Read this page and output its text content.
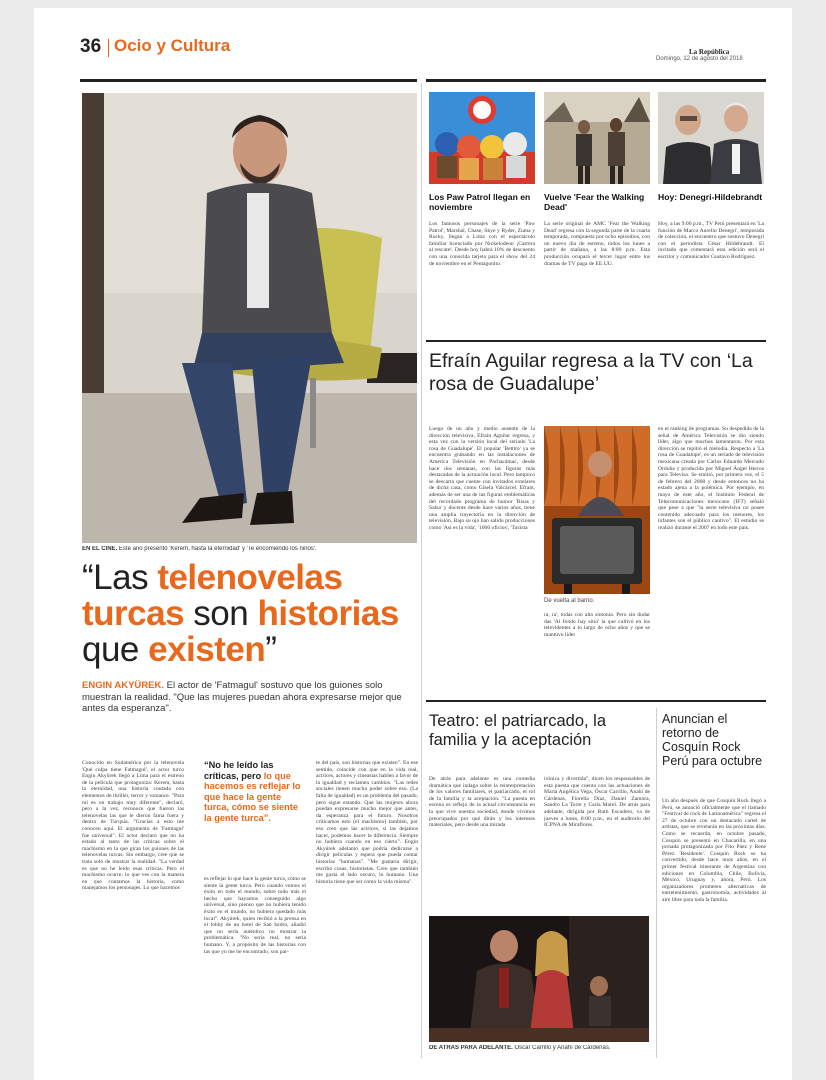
36 Ocio y Cultura	La República
Domingo, 12 de agosto del 2018
EN EL CINE. Este año presentó 'Kerem, hasta la eternidad' y 'Te encomiendo los niños'.
“Las telenovelas turcas son historias que existen”
ENGIN AKYÜREK. El actor de 'Fatmagul' sostuvo que los guiones solo muestran la realidad. "Que las mujeres puedan ahora expresarse mejor que antes da esperanza".
Conocido en Sudamérica por la telenovela 'Qué culpa tiene Fatmagul', el actor turco Engin Akyürek llegó a Lima para el estreno de la película que protagoniza: Kerem, hasta la eternidad, una historia contada con elementos de thriller, terror y romance. "Para mí es un trabajo muy diferente", declaró, pero a la vez, reconoce que fueron las telenovelas las que le dieron fama fuera y dentro de Turquía. "Gracias a esto me conocen aquí. El argumento de 'Fatmagul' fue universal". El actor declaró que no ha estado al tanto de las críticas sobre el machismo en la que giran los guiones de las telenovelas turcas. Sin embargo, cree que se trata solo de mostrar la realidad. "La verdad es que no he leído esas críticas. Pero el machismo ocurre; lo que ves con la manera en que contamos la historia, como manejamos los personajes. Lo que hacemos
“No he leído las críticas, pero lo que hacemos es reflejar lo que hace la gente turca, cómo se siente la gente turca”.
es reflejar lo que hace la gente turca, cómo se siente la gente turca. Pero cuando vemos el éxito en todo el mundo, sobre todo más el hecho que hayamos conseguido algo universal, sino pienso que no hubiera tenido éxito en el mundo, no hubiera quedado más local". Akyürek, quien recibió a la prensa en el lobby de un hotel de San Isidro, añadió que no sería auténtico no mostrar la problemática. "No sería real, no sería humano. Y, a propósito de las historias con las que yo me he encontrado, son par-
te del país, son historias que existen". En ese sentido, coincide con que en la vida real, actrices, actores y cineastas hablen a favor de la igualdad y reclamen cambios. "Las redes sociales tienen mucho poder sobre eso. (La falta de igualdad) es un problema del pasado, pero sigue estando. Que las mujeres ahora puedan expresarse mucho mejor que antes, da esperanza para el futuro. Nosotros criticamos esto (el machismo) también, por eso creo que las actrices, si las dejamos hacer, podemos hacer la diferencia. Siempre no hubiera cuando en eso cierto". Engin Akyürek adelantó que podría dedicarse a dirigir películas y espera que pueda contar historias "humanas". "Me gustaría dirigir, escribo cosas, historietas. Creo que también me gusta el lado oscuro, lo humano. Una historia tiene que ser como la vida misma".
Los Paw Patrol llegan en noviembre
Vuelve 'Fear the Walking Dead'
Hoy: Denegri-Hildebrandt
Los famosos personajes de la serie 'Paw Patrol', Marshal, Chase, Skye y Ryder, Zuma y Rocky, llegan a Lima con el espectáculo familiar licenciado por Nickelodeon ¡Carrera al rescate!. Desde hoy habrá 10% de descuento con una conocida tarjeta para el show del 24 de noviembre en el Pentagonito.
La serie original de AMC 'Fear the Walking Dead' regresa con la segunda parte de la cuarta temporada, compuesta por ocho episodios, con un nuevo día de estreno, todos los lunes a partir de mañana, a las 8:00 p.m. Esta producción ocupará el tercer lugar entre los dramas de TV paga de EE.UU.
Hoy, a las 9:00 p.m., TV Perú presentará en 'La función de Marco Aurelio Denegri', temporada de colección, el encuentro que sostuvo Denegri con el periodista César Hildebrandt. El invitado que comentará esta edición será el escritor y comunicador Gustavo Rodríguez.
Efraín Aguilar regresa a la TV con ‘La rosa de Guadalupe’
Luego de un año y medio ausente de la dirección televisiva, Efraín Aguilar regresa, y esta vez con la versión local del seriado 'La rosa de Guadalupe'. El popular 'Bettito' ya se encuentra grabando en las instalaciones de América Televisión en Pachacámac, desde hace dos semanas, con las figuras más destacadas de la actuación local. Pero tampoco se descarta que cuente con invitados extelares de dicha casa, como Gisela Valcárcel. Efraín, además de ser una de las figuras emblemáticas del recordado programa de humor 'Risas y Salsa' y docente desde hace varios años, tiene una amplia trayectoria en la dirección de televisión. Bajo su ojo han salido producciones como 'Así es la vida', '1000 oficios', 'Taxista
De vuelta al barrio.
ra, ra', todas con alta sintonía. Pero sin dudar das 'Al fondo hay sitio' la que cultivó en los televidentes a lo largo de ocho años y que se mantuvo líder
en el ranking de programas. Su despedida de la señal de América Televisión se dio siendo líder, algo que muchos lamentaron. Por esta dirección se repitió el melodía. Respecto a 'La rosa de Guadalupe', es un seriado de televisión mexicana creada por Carlos Eduardo Mercado Orduña y producida por Miguel Ángel Herros para Televisa. Se emitió, por primera vez, el 5 de febrero del 2008 y desde entonces no ha estado ajena a la polémica. Por ejemplo, en mayo de este año, el Instituto Federal de Telecomunicaciones mexicano (IFT) señaló que pese a que "la serie televisiva no posee contenido adecuado para los menores, los infantes son el público cautivo". El estudio se realizó durante el 2007 en todo este país.
Teatro: el patriarcado, la familia y la aceptación
De atrás para adelante es una comedia dramática que indaga sobre la reinterpretación de los valores familiares, el patriarcado, el rol de la familia y la aceptación. "La puesta en escena es reflejo de la actual circunstancia en la que vive nuestra sociedad, donde vivimos preocupados por qué dirán y los intereses materiales, pero desde una mirada
irónica y divertida", dicen los responsables de esta puesta que cuenta con las actuaciones de María Angélica Vega, Óscar Carrillo, Anahí de Cárdenas, Fiorella Díaz, Daniel Zamora, Sandro La Torre y Carla Marel. De atrás para adelante, dirigida por Ruth Escudero, va de jueves a lunes, 8:00 p.m., en el auditorio del ICPNA de Miraflores.
DE ATRÁS PARA ADELANTE. Óscar Carrillo y Anahí de Cárdenas.
Anuncian el retorno de Cosquín Rock Perú para octubre
Un año después de que Cosquín Rock llegó a Perú, se anunció oficialmente que el llamado "Festival de rock de Latinoamérica" regresa el 27 de octubre con un destacado cartel de artistas, que se revelarán en las próximas días. Como se recuerda, en octubre pasado, Cosquín se presentó en Chacarilla, en una jornada protagonizada por Fito Páez y René Pérez 'Residente'. Cosquín Rock se ha convertido, desde hace unos años, en el primer festival itinerante de Argentina con ediciones en Colombia, Chile, Bolivia, México, Uruguay y, ahora, Perú. Los organizadores prometen alternativas de entretenimiento, gastronomía, actividades al aire libre para toda la familia.
